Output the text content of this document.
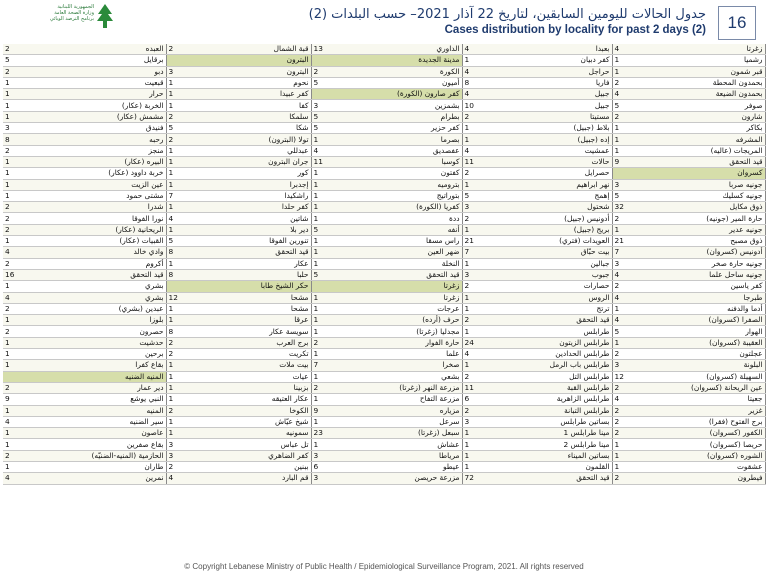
الجمهورية اللبنانية وزارة الصحة العامة برنامج الترصد الوبائي	جدول الحالات لليومين السابقين، لتاريخ 22 آذار 2021– حسب البلدات (2)
Cases distribution by locality for past 2 days (2)	16
2	العبده	2	قبة الشمال	13	الداوري	4	بعبدا	4	زغرتا
5	برقايل		البترون		مدينة الجديدة	1	كفر دبيان	1	رشميا
2	دبو	3	البترون	2	الكورة	4	حراجل	1	قبر شمون
1	قبعيت	1	نحوم	5	أميون	8	فاريا	2	بحمدون المحطة
1	حرار	1	كفر عبيدا		كفر صارون (الكورة)	4	جبيل	4	بحمدون الضيعة
1	الخربة (عكار)	1	كفا	3	بشمزين	10	جبيل	5	صوفر
1	مشمش (عكار)	2	سلمكا	5	بطرام	2	مستيتا	2	شارون
3	فنيدق	5	شكا	5	كفر حزير	1	بلاط (جبيل)	1	بكاكر
8	رحبه	2	تولا (البترون)	1	بصرما	1	إده (جبيل)	1	المشرفه
2	منجز	1	عبدللي	4	عفصديق	4	عمشيت	1	المريجات (عاليه)
1	البيره (عكار)	1	جران البترون	11	كوسبا	11	حالات	9	قيد التحقق
1	خربة داوود (عكار)	1	كور	1	كفتون	2	حصرايل		كسروان
1	عين الزيت	1	إجدبرا	1	بتروميه	1	نهر ابراهيم	3	جونيه صربا
1	مشتى حمود	7	راشكيدا	1	بتوراتيج	5	إهمج	5	جونيه كسليك
2	شدرا	1	كفر حلدا	1	كفريا (الكورة)	3	شحتول	32	ذوق مكايل
2	نورا الفوقا	4	شاتين	1	ددة	2	أدونيس (جبيل)	2	حارة المير (جونيه)
2	الريحانية (عكار)	1	دير بلا	5	أنفه	1	بريج (جبيل)	1	جونيه عدير
1	القبيات (عكار)	5	تنورين الفوقا	1	راس مسقا	21	العويدات (فتري)	21	ذوق مصبح
4	وادي خالد	8	قيد التحقق	1	ضهر العين	7	بيت حبّاق	7	أدونيس (كسروان)
2	أكروم	1	عكار	1	النخلة	1	جبالين	3	جونيه حارة صخر
16	قيد التحقق	8	حلبا	5	قيد التحقق	3	جبوب	4	جونيه ساحل علما
1	بشري		حكر الشيخ طابا		زغرتا	2	حصارات	2	كفر ياسين
4	بشري	12	مشحا	1	زغرتا	1	الروس	4	طبرجا
2	عبدين (بشري)	1	مشحا	1	عرجات	1	ترتج	1	أدما والدفنه
1	بلوزا	1	عرقا	1	حرف (أرده)	2	قيد التحقق	4	الصفرا (كسروان)
2	حصرون	8	سويسة عكار	1	مجدليا (زغرتا)	1	طرابلس	5	الهوار
1	حدشيت	2	برج العرب	2	حارة الفوار	24	طرابلس الزيتون	1	العقيبة (كسروان)
1	برحين	2	تكريت	1	علما	4	طرابلس الحدادين	2	عجلتون
1	بقاع كفرا	1	بيت ملات	7	صخرا	1	طرابلس باب الرمل	3	البلونة
	المنيه الضنيه	1	عيات	1	بشعي	2	طرابلس التل	12	السهيلة (كسروان)
2	دير عمار	1	بزبينا	2	مزرعة النهر (زغرتا)	11	طرابلس القبة	2	عين الريحانة (كسروان)
9	النبي يوشع	1	عكار العتيقه	1	مزرعة التفاح	6	طرابلس الزاهرية	4	جعيتا
1	المنيه	2	الكوخا	9	مزياره	2	طرابلس التبانة	2	غزير
4	سير الضنيه	1	شيخ عيّاش	1	سرعل	3	بساتين طرابلس	2	برج الفتوح (فقرا)
1	عاصون	1	سمونيه	23	سبعل (زغرتا)	1	مينا طرابلس 1	2	الكفور (كسروان)
1	بقاع صفرين	3	تل عباس	1	عشاش	1	مينا طرابلس 2	1	حريصا (كسروان)
2	الحازمية (المنيه-الضنيّه)	3	كفر الضاهري	3	مرياطا	1	بساتين الميناء	1	الشوره (كسروان)
1	طاران	2	ببنين	6	عيطو	1	القلمون	1	عشقوت
4	نمرين	4	قم البارد	3	مزرعة حريصن	72	قيد التحقق	2	فيطرون
© Copyright Lebanese Ministry of Public Health / Epidemiological Surveillance Program, 2021. All rights reserved
